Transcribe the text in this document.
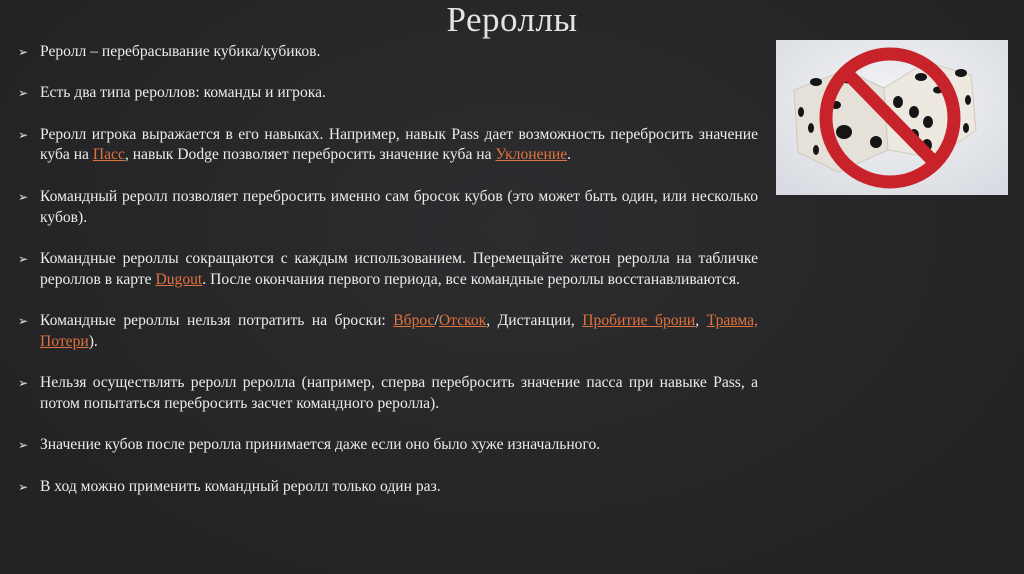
Рероллы
➢ Реролл – перебрасывание кубика/кубиков.
➢ Есть два типа рероллов: команды и игрока.
➢ Реролл игрока выражается в его навыках. Например, навык Pass дает возможность перебросить значение куба на Пасс, навык Dodge позволяет перебросить значение куба на Уклонение.
➢ Командный реролл позволяет перебросить именно сам бросок кубов (это может быть один, или несколько кубов).
➢ Командные рероллы сокращаются с каждым использованием. Перемещайте жетон реролла на табличке рероллов в карте Dugout. После окончания первого периода, все командные рероллы восстанавливаются.
➢ Командные рероллы нельзя потратить на броски: Вброс/Отскок, Дистанции, Пробитие брони, Травма, Потери).
➢ Нельзя осуществлять реролл реролла (например, сперва перебросить значение пасса при навыке Pass, а потом попытаться перебросить засчет командного реролла).
➢ Значение кубов после реролла принимается даже если оно было хуже изначального.
➢ В ход можно применить командный реролл только один раз.
